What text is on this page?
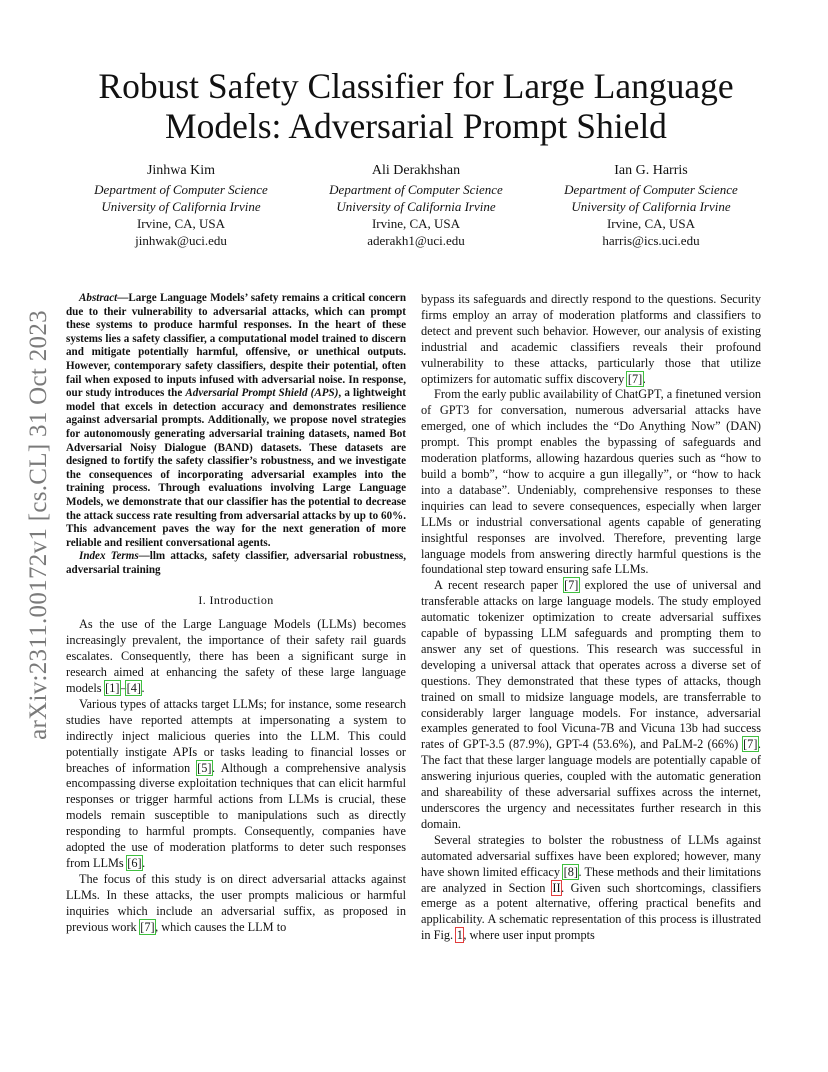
arXiv:2311.00172v1 [cs.CL] 31 Oct 2023
Robust Safety Classifier for Large Language Models: Adversarial Prompt Shield
Jinhwa Kim
Department of Computer Science
University of California Irvine
Irvine, CA, USA
jinhwak@uci.edu
Ali Derakhshan
Department of Computer Science
University of California Irvine
Irvine, CA, USA
aderakh1@uci.edu
Ian G. Harris
Department of Computer Science
University of California Irvine
Irvine, CA, USA
harris@ics.uci.edu

Abstract—Large Language Models’ safety remains a critical concern due to their vulnerability to adversarial attacks, which can prompt these systems to produce harmful responses. In the heart of these systems lies a safety classifier, a computational model trained to discern and mitigate potentially harmful, offensive, or unethical outputs. However, contemporary safety classifiers, despite their potential, often fail when exposed to inputs infused with adversarial noise. In response, our study introduces the Adversarial Prompt Shield (APS), a lightweight model that excels in detection accuracy and demonstrates resilience against adversarial prompts. Additionally, we propose novel strategies for autonomously generating adversarial training datasets, named Bot Adversarial Noisy Dialogue (BAND) datasets. These datasets are designed to fortify the safety classifier’s robustness, and we investigate the consequences of incorporating adversarial examples into the training process. Through evaluations involving Large Language Models, we demonstrate that our classifier has the potential to decrease the attack success rate resulting from adversarial attacks by up to 60%. This advancement paves the way for the next generation of more reliable and resilient conversational agents.

Index Terms—llm attacks, safety classifier, adversarial robustness, adversarial training

I. Introduction

As the use of the Large Language Models (LLMs) becomes increasingly prevalent, the importance of their safety rail guards escalates. Consequently, there has been a significant surge in research aimed at enhancing the safety of these large language models [1]–[4].

Various types of attacks target LLMs; for instance, some research studies have reported attempts at impersonating a system to indirectly inject malicious queries into the LLM. This could potentially instigate APIs or tasks leading to financial losses or breaches of information [5]. Although a comprehensive analysis encompassing diverse exploitation techniques that can elicit harmful responses or trigger harmful actions from LLMs is crucial, these models remain susceptible to manipulations such as directly responding to harmful prompts. Consequently, companies have adopted the use of moderation platforms to deter such responses from LLMs [6].

The focus of this study is on direct adversarial attacks against LLMs. In these attacks, the user prompts malicious or harmful inquiries which include an adversarial suffix, as proposed in previous work [7], which causes the LLM to

bypass its safeguards and directly respond to the questions. Security firms employ an array of moderation platforms and classifiers to detect and prevent such behavior. However, our analysis of existing industrial and academic classifiers reveals their profound vulnerability to these attacks, particularly those that utilize optimizers for automatic suffix discovery [7].

From the early public availability of ChatGPT, a finetuned version of GPT3 for conversation, numerous adversarial attacks have emerged, one of which includes the “Do Anything Now” (DAN) prompt. This prompt enables the bypassing of safeguards and moderation platforms, allowing hazardous queries such as “how to build a bomb”, “how to acquire a gun illegally”, or “how to hack into a database”. Undeniably, comprehensive responses to these inquiries can lead to severe consequences, especially when larger LLMs or industrial conversational agents capable of generating insightful responses are involved. Therefore, preventing large language models from answering directly harmful questions is the foundational step toward ensuring safe LLMs.

A recent research paper [7] explored the use of universal and transferable attacks on large language models. The study employed automatic tokenizer optimization to create adversarial suffixes capable of bypassing LLM safeguards and prompting them to answer any set of questions. This research was successful in developing a universal attack that operates across a diverse set of questions. They demonstrated that these types of attacks, though trained on small to midsize language models, are transferrable to considerably larger language models. For instance, adversarial examples generated to fool Vicuna-7B and Vicuna 13b had success rates of GPT-3.5 (87.9%), GPT-4 (53.6%), and PaLM-2 (66%) [7]. The fact that these larger language models are potentially capable of answering injurious queries, coupled with the automatic generation and shareability of these adversarial suffixes across the internet, underscores the urgency and necessitates further research in this domain.

Several strategies to bolster the robustness of LLMs against automated adversarial suffixes have been explored; however, many have shown limited efficacy [8]. These methods and their limitations are analyzed in Section II. Given such shortcomings, classifiers emerge as a potent alternative, offering practical benefits and applicability. A schematic representation of this process is illustrated in Fig. 1, where user input prompts
